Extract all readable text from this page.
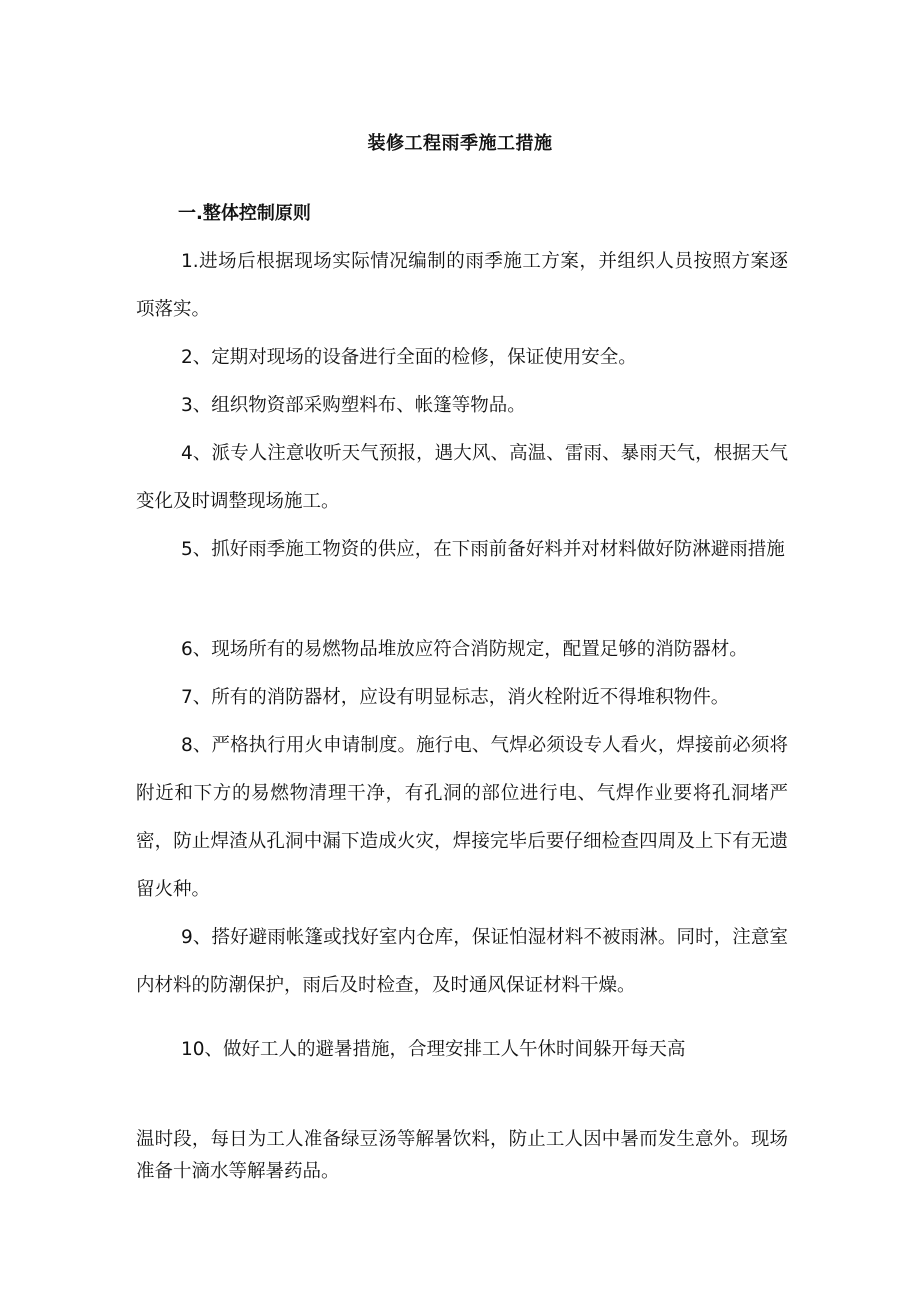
装修工程雨季施工措施
一.整体控制原则

1.进场后根据现场实际情况编制的雨季施工方案，并组织人员按照方案逐项落实。

2、定期对现场的设备进行全面的检修，保证使用安全。

3、组织物资部采购塑料布、帐篷等物品。

4、派专人注意收听天气预报，遇大风、高温、雷雨、暴雨天气，根据天气变化及时调整现场施工。

5、抓好雨季施工物资的供应，在下雨前备好料并对材料做好防淋避雨措施

6、现场所有的易燃物品堆放应符合消防规定，配置足够的消防器材。

7、所有的消防器材，应设有明显标志，消火栓附近不得堆积物件。

8、严格执行用火申请制度。施行电、气焊必须设专人看火，焊接前必须将附近和下方的易燃物清理干净，有孔洞的部位进行电、气焊作业要将孔洞堵严密，防止焊渣从孔洞中漏下造成火灾，焊接完毕后要仔细检查四周及上下有无遗留火种。

9、搭好避雨帐篷或找好室内仓库，保证怕湿材料不被雨淋。同时，注意室内材料的防潮保护，雨后及时检查，及时通风保证材料干燥。

10、做好工人的避暑措施，合理安排工人午休时间躲开每天高

温时段，每日为工人准备绿豆汤等解暑饮料，防止工人因中暑而发生意外。现场准备十滴水等解暑药品。
